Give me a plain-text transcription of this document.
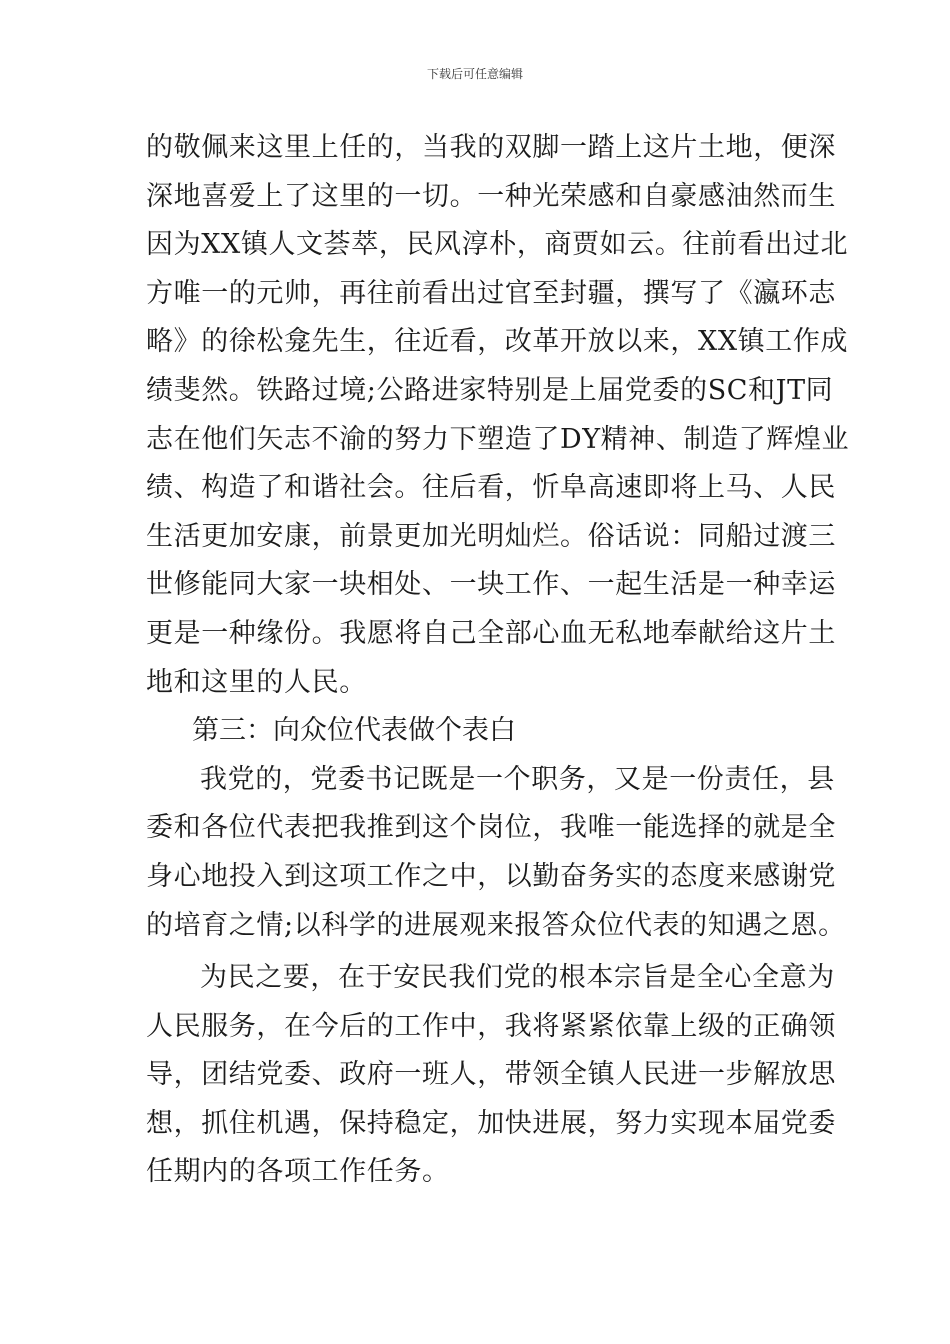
下载后可任意编辑
的敬佩来这里上任的，当我的双脚一踏上这片土地，便深
深地喜爱上了这里的一切。一种光荣感和自豪感油然而生
因为XX镇人文荟萃，民风淳朴，商贾如云。往前看出过北
方唯一的元帅，再往前看出过官至封疆，撰写了《瀛环志
略》的徐松龛先生，往近看，改革开放以来，XX镇工作成
绩斐然。铁路过境;公路进家特别是上届党委的SC和JT同
志在他们矢志不渝的努力下塑造了DY精神、制造了辉煌业
绩、构造了和谐社会。往后看，忻阜高速即将上马、人民
生活更加安康，前景更加光明灿烂。俗话说：同船过渡三
世修能同大家一块相处、一块工作、一起生活是一种幸运
更是一种缘份。我愿将自己全部心血无私地奉献给这片土
地和这里的人民。
第三：向众位代表做个表白
我党的，党委书记既是一个职务，又是一份责任，县
委和各位代表把我推到这个岗位，我唯一能选择的就是全
身心地投入到这项工作之中，以勤奋务实的态度来感谢党
的培育之情;以科学的进展观来报答众位代表的知遇之恩。
为民之要，在于安民我们党的根本宗旨是全心全意为
人民服务，在今后的工作中，我将紧紧依靠上级的正确领
导，团结党委、政府一班人，带领全镇人民进一步解放思
想，抓住机遇，保持稳定，加快进展，努力实现本届党委
任期内的各项工作任务。
